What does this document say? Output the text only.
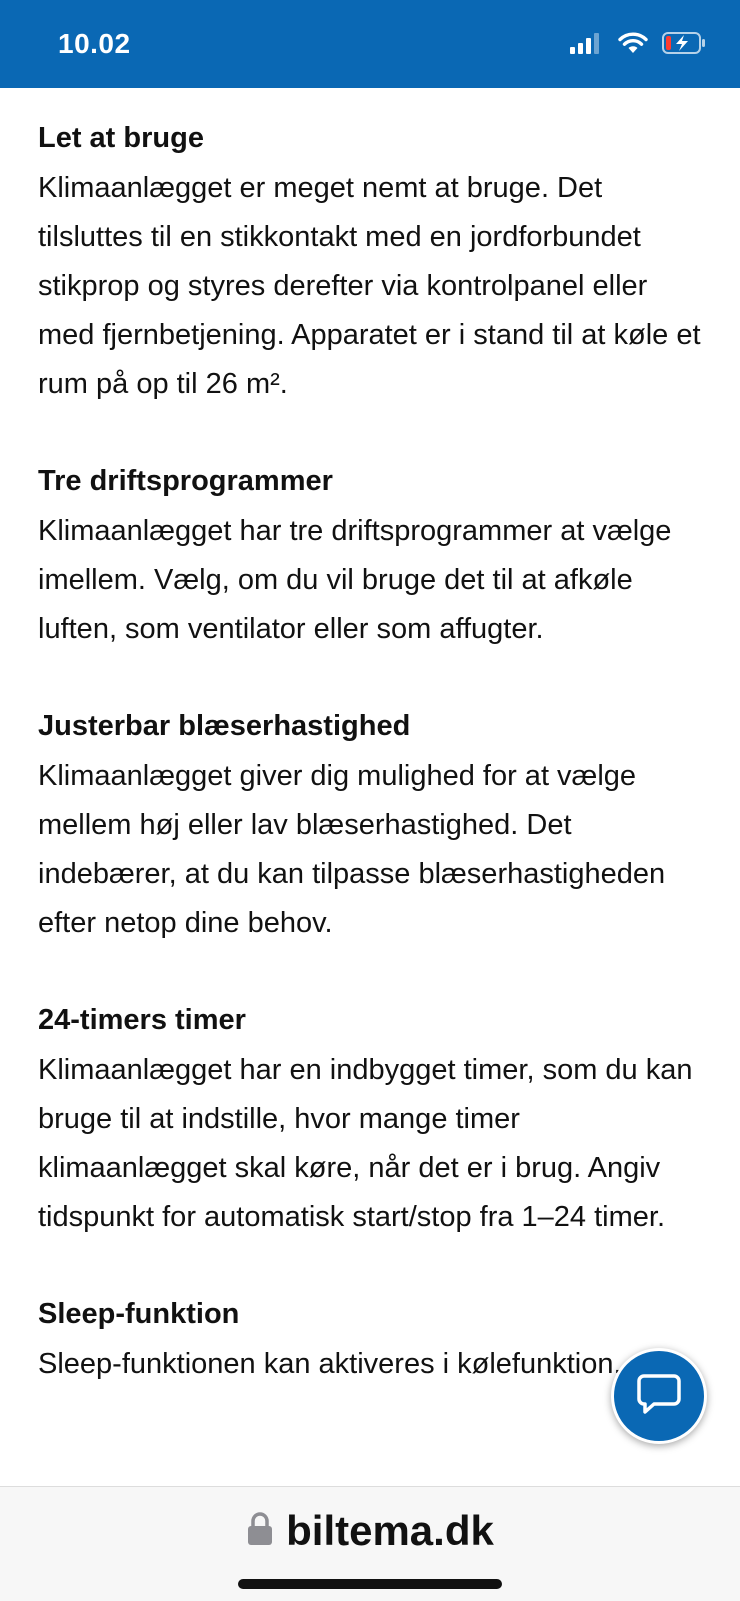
10.02

Let at bruge

Klimaanlægget er meget nemt at bruge. Det tilsluttes til en stikkontakt med en jordforbundet stikprop og styres derefter via kontrolpanel eller med fjernbetjening. Apparatet er i stand til at køle et rum på op til 26 m².

Tre driftsprogrammer

Klimaanlægget har tre driftsprogrammer at vælge imellem. Vælg, om du vil bruge det til at afkøle luften, som ventilator eller som affugter.

Justerbar blæserhastighed

Klimaanlægget giver dig mulighed for at vælge mellem høj eller lav blæserhastighed. Det indebærer, at du kan tilpasse blæserhastigheden efter netop dine behov.

24-timers timer

Klimaanlægget har en indbygget timer, som du kan bruge til at indstille, hvor mange timer klimaanlægget skal køre, når det er i brug. Angiv tidspunkt for automatisk start/stop fra 1–24 timer.

Sleep-funktion

Sleep-funktionen kan aktiveres i kølefunktion.

biltema.dk
